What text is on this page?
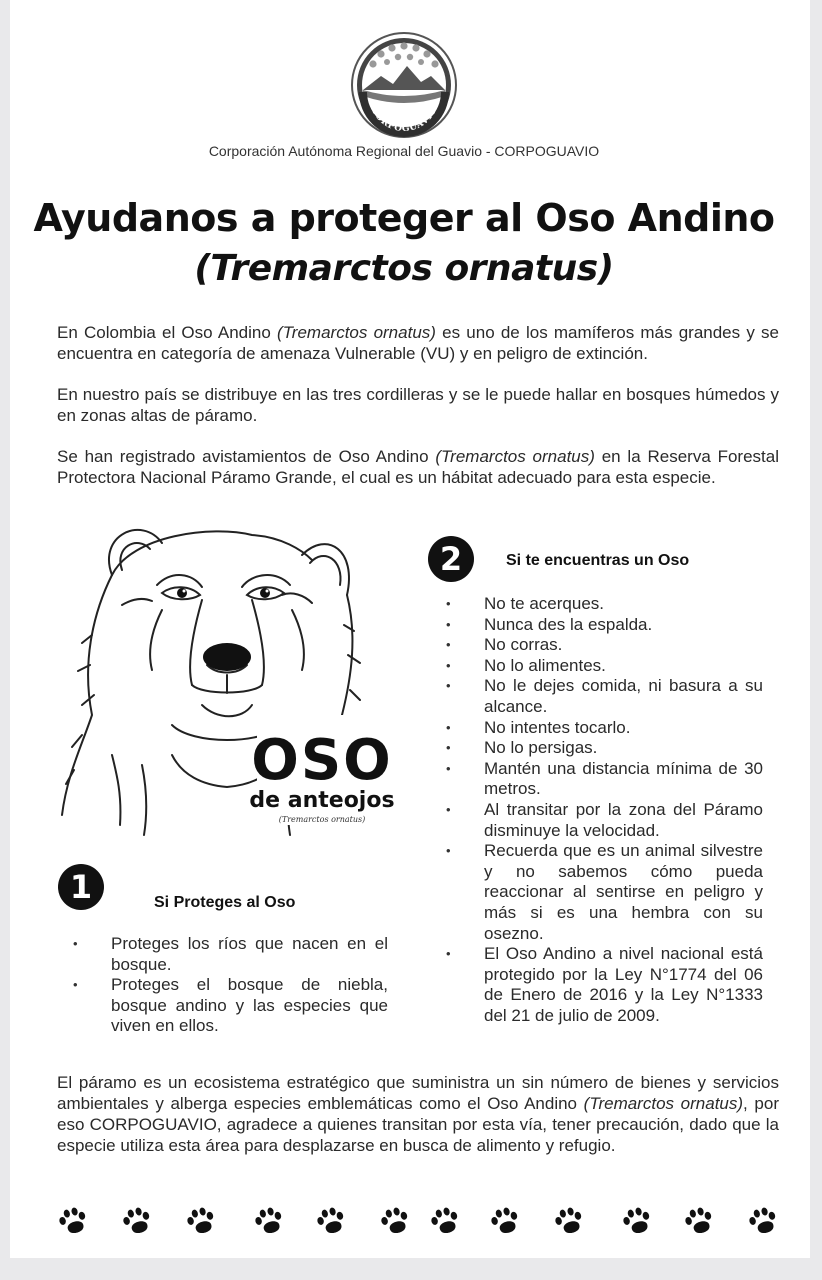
CORPOGUAVIO
Corporación Autónoma Regional del Guavio - CORPOGUAVIO
Ayudanos a proteger al Oso Andino
(Tremarctos ornatus)
En Colombia el Oso Andino (Tremarctos ornatus) es uno de los mamíferos más grandes y se encuentra en categoría de amenaza Vulnerable (VU) y en peligro de extinción.
En nuestro país se distribuye en las tres cordilleras y se le puede hallar en bosques húmedos y en zonas altas de páramo.
Se han registrado avistamientos de Oso Andino (Tremarctos ornatus) en la Reserva Forestal Protectora Nacional Páramo Grande, el cual es un hábitat adecuado para esta especie.
OSO
de anteojos
(Tremarctos ornatus)
2	Si te encuentras un Oso
• No te acerques.
• Nunca des la espalda.
• No corras.
• No lo alimentes.
• No le dejes comida, ni basura a su alcance.
• No intentes tocarlo.
• No lo persigas.
• Mantén una distancia mínima de 30 metros.
• Al transitar por la zona del Páramo disminuye la velocidad.
• Recuerda que es un animal silvestre y no sabemos cómo pueda reaccionar al sentirse en peligro y más si es una hembra con su osezno.
• El Oso Andino a nivel nacional está protegido por la Ley N°1774 del 06 de Enero de 2016 y la Ley N°1333 del 21 de julio de 2009.
1	Si Proteges al Oso
• Proteges los ríos que nacen en el bosque.
• Proteges el bosque de niebla, bosque andino y las especies que viven en ellos.
El páramo es un ecosistema estratégico que suministra un sin número de bienes y servicios ambientales y alberga especies emblemáticas como el Oso Andino (Tremarctos ornatus), por eso CORPOGUAVIO, agradece a quienes transitan por esta vía, tener precaución, dado que la especie utiliza esta área para desplazarse en busca de alimento y refugio.
